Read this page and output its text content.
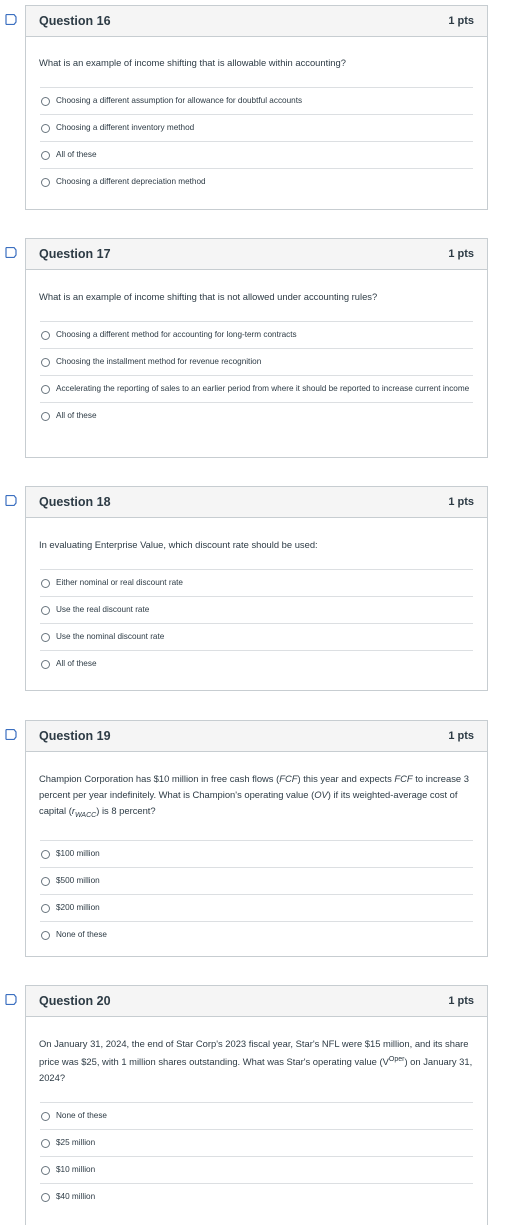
Question 16	1 pts

What is an example of income shifting that is allowable within accounting?

Choosing a different assumption for allowance for doubtful accounts
Choosing a different inventory method
All of these
Choosing a different depreciation method
Question 17	1 pts

What is an example of income shifting that is not allowed under accounting rules?

Choosing a different method for accounting for long-term contracts
Choosing the installment method for revenue recognition
Accelerating the reporting of sales to an earlier period from where it should be reported to increase current income
All of these
Question 18	1 pts

In evaluating Enterprise Value, which discount rate should be used:

Either nominal or real discount rate
Use the real discount rate
Use the nominal discount rate
All of these
Question 19	1 pts

Champion Corporation has $10 million in free cash flows (FCF) this year and expects FCF to increase 3 percent per year indefinitely. What is Champion's operating value (OV) if its weighted-average cost of capital $(r_{WACC})$ is 8 percent?

$100 million
$500 million
$200 million
None of these
Question 20	1 pts

On January 31, 2024, the end of Star Corp's 2023 fiscal year, Star's NFL were $15 million, and its share price was $25, with 1 million shares outstanding. What was Star's operating value $(V^{Oper})$ on January 31, 2024?

None of these
$25 million
$10 million
$40 million
